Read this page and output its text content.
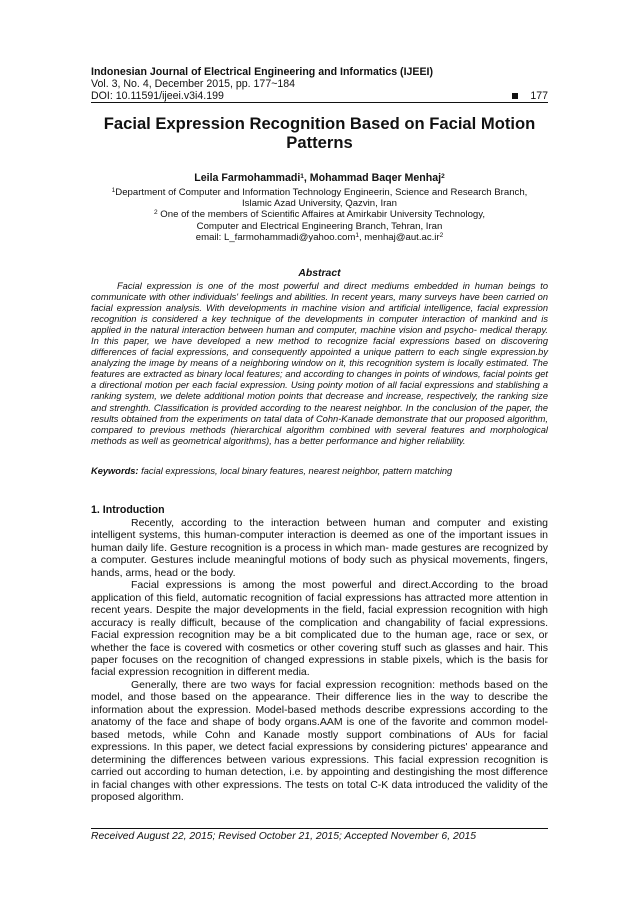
Indonesian Journal of Electrical Engineering and Informatics (IJEEI)
Vol. 3, No. 4, December 2015, pp. 177~184
DOI: 10.11591/ijeei.v3i4.199	177
Facial Expression Recognition Based on Facial Motion Patterns
Leila Farmohammadi$^1$, Mohammad Baqer Menhaj$^2$
$^1$Department of Computer and Information Technology Engineerin, Science and Research Branch,
Islamic Azad University, Qazvin, Iran
$^2$ One of the members of Scientific Affaires at Amirkabir University Technology,
Computer and Electrical Engineering Branch, Tehran, Iran
email: L_farmohammadi@yahoo.com$^1$, $menhaj@aut.ac.ir^2$
Abstract
Facial expression is one of the most powerful and direct mediums embedded in human beings to communicate with other individuals' feelings and abilities. In recent years, many surveys have been carried on facial expression analysis. With developments in machine vision and artificial intelligence, facial expression recognition is considered a key technique of the developments in computer interaction of mankind and is applied in the natural interaction between human and computer, machine vision and psycho- medical therapy. In this paper, we have developed a new method to recognize facial expressions based on discovering differences of facial expressions, and consequently appointed a unique pattern to each single expression.by analyzing the image by means of a neighboring window on it, this recognition system is locally estimated. The features are extracted as binary local features; and according to changes in points of windows, facial points get a directional motion per each facial expression. Using pointy motion of all facial expressions and stablishing a ranking system, we delete additional motion points that decrease and increase, respectively, the ranking size and strenghth. Classification is provided according to the nearest neighbor. In the conclusion of the paper, the results obtained from the experiments on tatal data of Cohn-Kanade demonstrate that our proposed algorithm, compared to previous methods (hierarchical algorithm combined with several features and morphological methods as well as geometrical algorithms), has a better performance and higher reliability.
Keywords: facial expressions, local binary features, nearest neighbor, pattern matching
1. Introduction

Recently, according to the interaction between human and computer and existing intelligent systems, this human-computer interaction is deemed as one of the important issues in human daily life. Gesture recognition is a process in which man- made gestures are recognized by a computer. Gestures include meaningful motions of body such as physical movements, fingers, hands, arms, head or the body.

Facial expressions is among the most powerful and direct.According to the broad application of this field, automatic recognition of facial expressions has attracted more attention in recent years. Despite the major developments in the field, facial expression recognition with high accuracy is really difficult, because of the complication and changability of facial expressions. Facial expression recognition may be a bit complicated due to the human age, race or sex, or whether the face is covered with cosmetics or other covering stuff such as glasses and hair. This paper focuses on the recognition of changed expressions in stable pixels, which is the basis for facial expression recognition in different media.

Generally, there are two ways for facial expression recognition: methods based on the model, and those based on the appearance. Their difference lies in the way to describe the information about the expression. Model-based methods describe expressions according to the anatomy of the face and shape of body organs.AAM is one of the favorite and common model-based metods, while Cohn and Kanade mostly support combinations of AUs for facial expressions. In this paper, we detect facial expressions by considering pictures' appearance and determining the differences between various expressions. This facial expression recognition is carried out according to human detection, i.e. by appointing and destingishing the most difference in facial changes with other expressions. The tests on total C-K data introduced the validity of the proposed algorithm.

Received August 22, 2015; Revised October 21, 2015; Accepted November 6, 2015
